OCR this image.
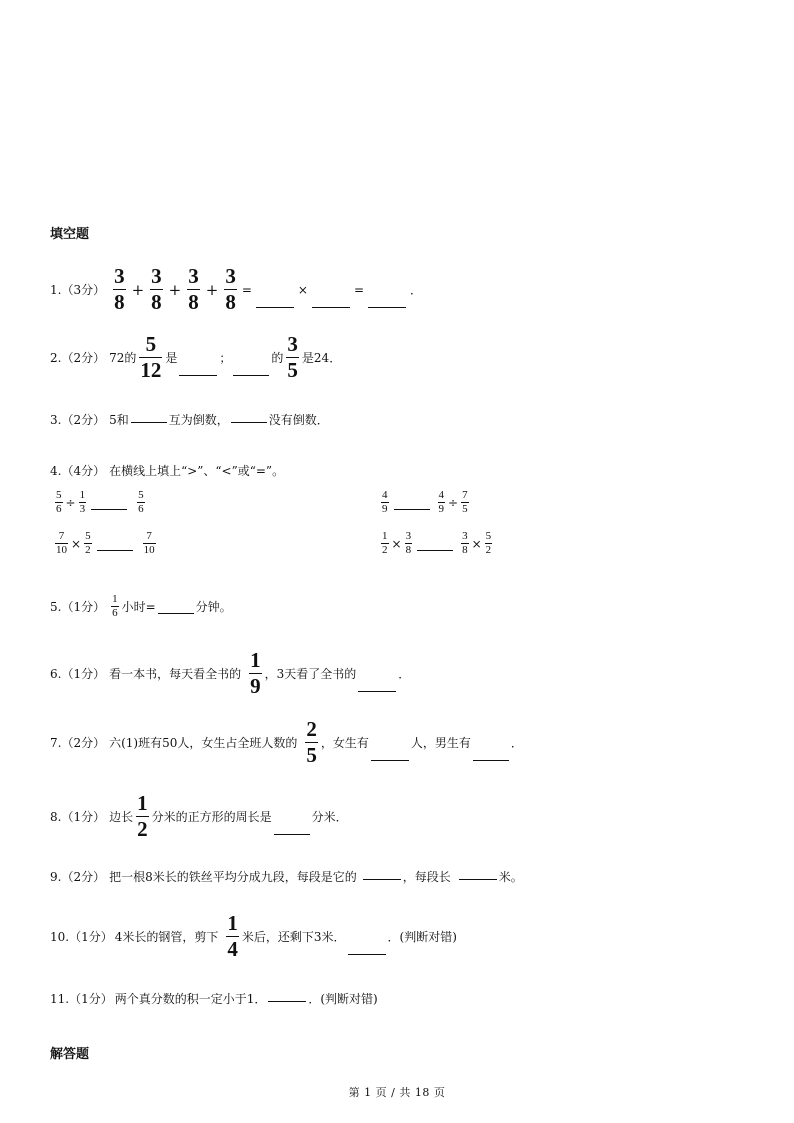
填空题
1.（3分） $\frac{3}{8} + \frac{3}{8} + \frac{3}{8} + \frac{3}{8}$ =	×	=	．
2.（2分） 72的 $\frac{5}{12}$ 是	；	的 $\frac{3}{5}$ 是24．
3.（2分） 5和	互为倒数，	没有倒数．
4.（4分） 在横线上填上“>”、“<”或“=”。
$\frac{5}{6} \div \frac{1}{3}$	$\frac{5}{6}$	$\frac{4}{9}$	$\frac{4}{9} \div \frac{7}{5}$
$\frac{7}{10} \times \frac{5}{2}$	$\frac{7}{10}$	$\frac{1}{2} \times \frac{3}{8}$	$\frac{3}{8} \times \frac{5}{2}$
5.（1分） $\frac{1}{6}$ 小时=	分钟。
6.（1分） 看一本书，每天看全书的 $\frac{1}{9}$ ，3天看了全书的	．
7.（2分） 六(1)班有50人，女生占全班人数的 $\frac{2}{5}$ ，女生有	人，男生有	．
8.（1分） 边长 $\frac{1}{2}$ 分米的正方形的周长是	分米．
9.（2分） 把一根8米长的铁丝平均分成九段，每段是它的	，每段长	米。
10.（1分） 4米长的钢管，剪下 $\frac{1}{4}$ 米后，还剩下3米．	．(判断对错)
11.（1分） 两个真分数的积一定小于1．	．(判断对错)
解答题
第 1 页 / 共 18 页
